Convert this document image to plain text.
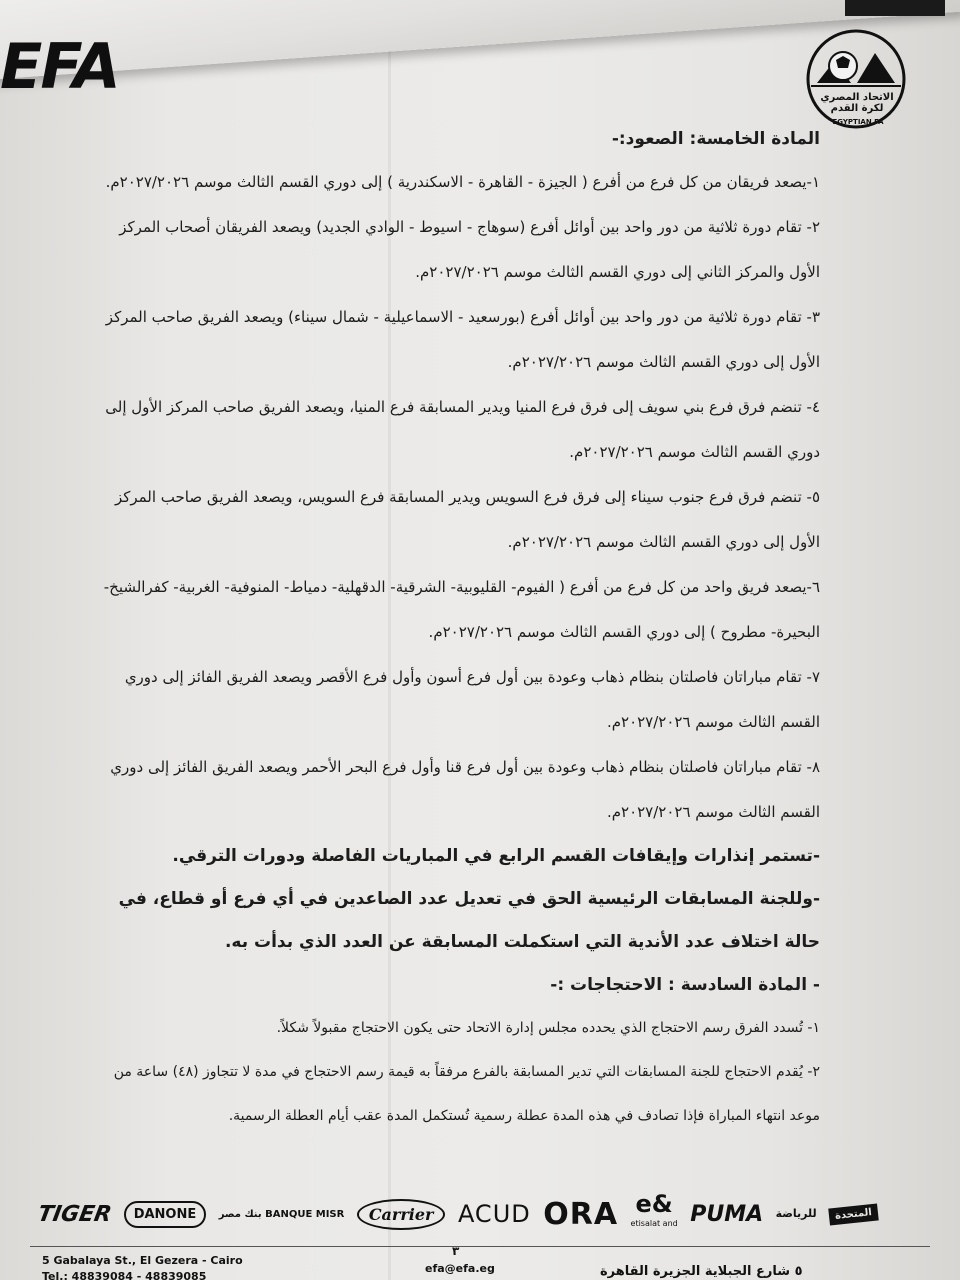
EFA	الاتحاد المصري لكرة القدم
EGYPTIAN FA

المادة الخامسة: الصعود:-

١-يصعد فريقان من كل فرع من أفرع ( الجيزة - القاهرة - الاسكندرية ) إلى دوري القسم الثالث موسم ٢٠٢٧/٢٠٢٦م.

٢- تقام دورة ثلاثية من دور واحد بين أوائل أفرع (سوهاج - اسيوط - الوادي الجديد) ويصعد الفريقان أصحاب المركز الأول والمركز الثاني إلى دوري القسم الثالث موسم ٢٠٢٧/٢٠٢٦م.

٣- تقام دورة ثلاثية من دور واحد بين أوائل أفرع (بورسعيد - الاسماعيلية - شمال سيناء) ويصعد الفريق صاحب المركز الأول إلى دوري القسم الثالث موسم ٢٠٢٧/٢٠٢٦م.

٤- تنضم فرق فرع بني سويف إلى فرق فرع المنيا ويدير المسابقة فرع المنيا، ويصعد الفريق صاحب المركز الأول إلى دوري القسم الثالث موسم ٢٠٢٧/٢٠٢٦م.

٥- تنضم فرق فرع جنوب سيناء إلى فرق فرع السويس ويدير المسابقة فرع السويس، ويصعد الفريق صاحب المركز الأول إلى دوري القسم الثالث موسم ٢٠٢٧/٢٠٢٦م.

٦-يصعد فريق واحد من كل فرع من أفرع ( الفيوم- القليوبية- الشرقية- الدقهلية- دمياط- المنوفية- الغربية- كفرالشيخ- البحيرة- مطروح ) إلى دوري القسم الثالث موسم ٢٠٢٧/٢٠٢٦م.

٧- تقام مباراتان فاصلتان بنظام ذهاب وعودة بين أول فرع أسون وأول فرع الأقصر ويصعد الفريق الفائز إلى دوري القسم الثالث موسم ٢٠٢٧/٢٠٢٦م.

٨- تقام مباراتان فاصلتان بنظام ذهاب وعودة بين أول فرع قنا وأول فرع البحر الأحمر ويصعد الفريق الفائز إلى دوري القسم الثالث موسم ٢٠٢٧/٢٠٢٦م.

-تستمر إنذارات وإيقافات القسم الرابع في المباريات الفاصلة ودورات الترقي.

-وللجنة المسابقات الرئيسية الحق في تعديل عدد الصاعدين في أي فرع أو قطاع، في حالة اختلاف عدد الأندية التي استكملت المسابقة عن العدد الذي بدأت به.

- المادة السادسة : الاحتجاجات :-

١- تُسدد الفرق رسم الاحتجاج الذي يحدده مجلس إدارة الاتحاد حتى يكون الاحتجاج مقبولاً شكلاً.

٢- يُقدم الاحتجاج للجنة المسابقات التي تدير المسابقة بالفرع مرفقاً به قيمة رسم الاحتجاج في مدة لا تتجاوز (٤٨) ساعة من موعد انتهاء المباراة فإذا تصادف في هذه المدة عطلة رسمية تُستكمل المدة عقب أيام العطلة الرسمية.

TIGER	DANONE	بنك مصر BANQUE MISR	Carrier	ACUD ORA e&
etisalat and PUMA للرياضة	المتحدة
٣
5 Gabalaya St., El Gezera - Cairo
Tel.: 48839084 - 48839085
efa@efa.eg	٥ شارع الجبلاية الجزيرة القاهرة
